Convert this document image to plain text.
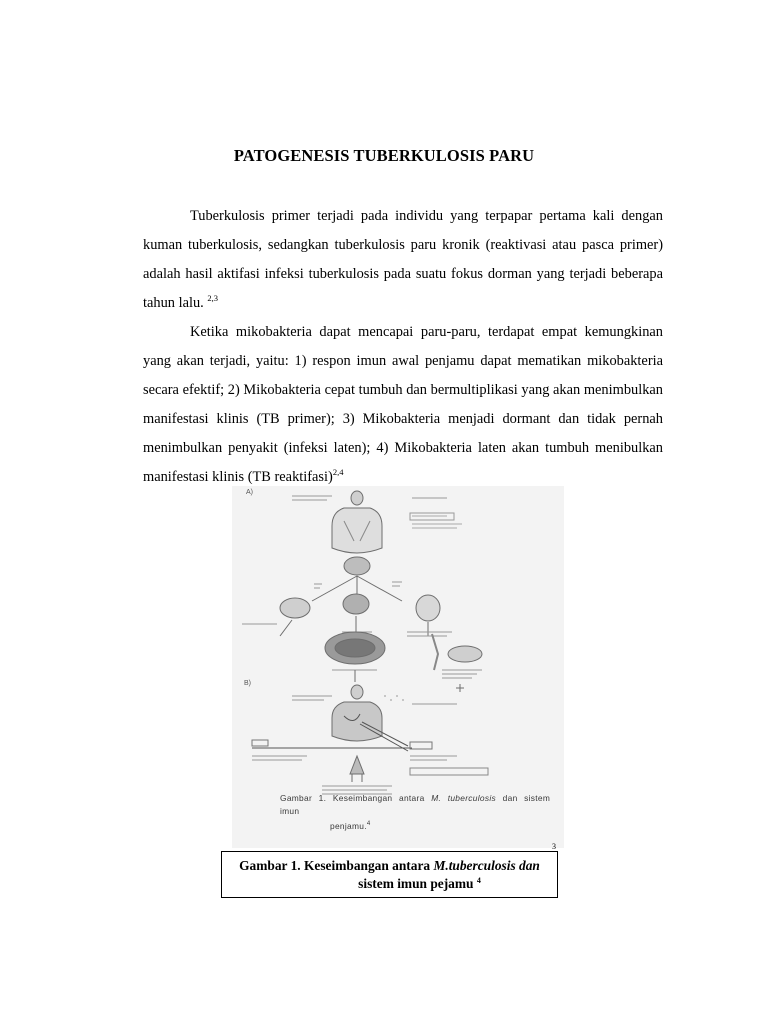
PATOGENESIS TUBERKULOSIS PARU

Tuberkulosis primer terjadi pada individu yang terpapar pertama kali dengan kuman tuberkulosis, sedangkan tuberkulosis paru kronik (reaktivasi atau pasca primer) adalah hasil aktifasi infeksi tuberkulosis pada suatu fokus dorman yang terjadi beberapa tahun lalu. $^{2,3}$

Ketika mikobakteria dapat mencapai paru-paru, terdapat empat kemungkinan yang akan terjadi, yaitu: 1) respon imun awal penjamu dapat mematikan mikobakteria secara efektif; 2) Mikobakteria cepat tumbuh dan bermultiplikasi yang akan menimbulkan manifestasi klinis (TB primer); 3) Mikobakteria menjadi dormant dan tidak pernah menimbulkan penyakit (infeksi laten); 4) Mikobakteria laten akan tumbuh menibulkan manifestasi klinis (TB reaktifasi)$^{2,4}$

A)
B)
Gambar 1. Keseimbangan antara M. tuberculosis dan sistem imun
penjamu.$^4$
3
Gambar 1. Keseimbangan antara M.tuberculosis dan
sistem imun pejamu $^4$
